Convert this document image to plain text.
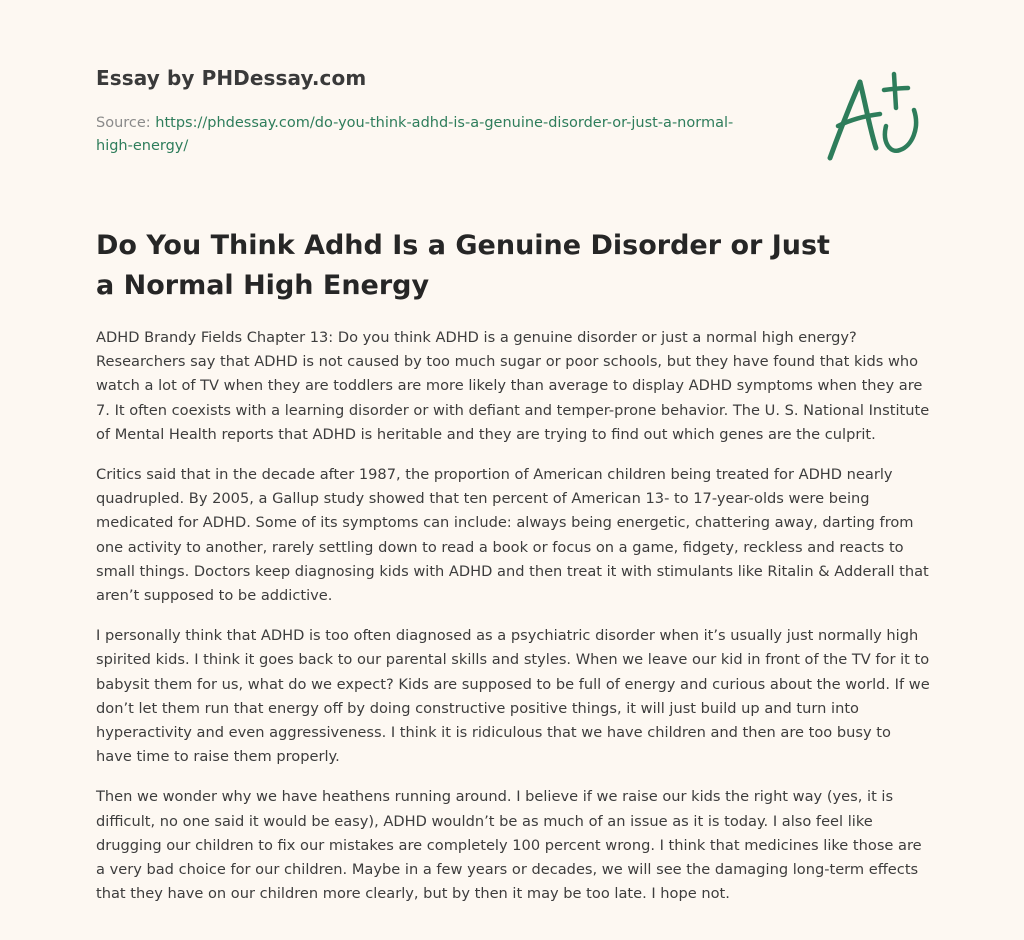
Essay by PHDessay.com
Source: https://phdessay.com/do-you-think-adhd-is-a-genuine-disorder-or-just-a-normal-high-energy/
Do You Think Adhd Is a Genuine Disorder or Just a Normal High Energy

ADHD Brandy Fields Chapter 13: Do you think ADHD is a genuine disorder or just a normal high energy? Researchers say that ADHD is not caused by too much sugar or poor schools, but they have found that kids who watch a lot of TV when they are toddlers are more likely than average to display ADHD symptoms when they are 7. It often coexists with a learning disorder or with defiant and temper-prone behavior. The U. S. National Institute of Mental Health reports that ADHD is heritable and they are trying to find out which genes are the culprit.

Critics said that in the decade after 1987, the proportion of American children being treated for ADHD nearly quadrupled. By 2005, a Gallup study showed that ten percent of American 13- to 17-year-olds were being medicated for ADHD. Some of its symptoms can include: always being energetic, chattering away, darting from one activity to another, rarely settling down to read a book or focus on a game, fidgety, reckless and reacts to small things. Doctors keep diagnosing kids with ADHD and then treat it with stimulants like Ritalin & Adderall that aren’t supposed to be addictive.

I personally think that ADHD is too often diagnosed as a psychiatric disorder when it’s usually just normally high spirited kids. I think it goes back to our parental skills and styles. When we leave our kid in front of the TV for it to babysit them for us, what do we expect? Kids are supposed to be full of energy and curious about the world. If we don’t let them run that energy off by doing constructive positive things, it will just build up and turn into hyperactivity and even aggressiveness. I think it is ridiculous that we have children and then are too busy to have time to raise them properly.

Then we wonder why we have heathens running around. I believe if we raise our kids the right way (yes, it is difficult, no one said it would be easy), ADHD wouldn’t be as much of an issue as it is today. I also feel like drugging our children to fix our mistakes are completely 100 percent wrong. I think that medicines like those are a very bad choice for our children. Maybe in a few years or decades, we will see the damaging long-term effects that they have on our children more clearly, but by then it may be too late. I hope not.
